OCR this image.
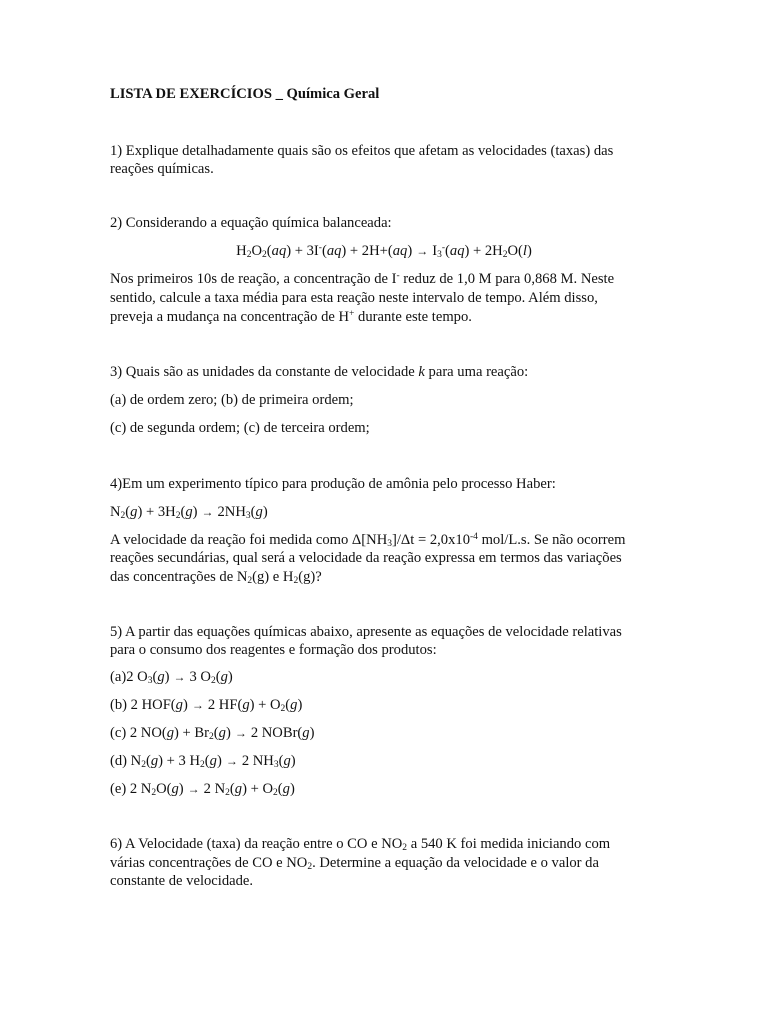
LISTA DE EXERCÍCIOS _ Química Geral
1) Explique detalhadamente quais são os efeitos que afetam as velocidades (taxas) das
reações químicas.
2) Considerando a equação química balanceada:
$H_2O_2(aq) + 3I^-(aq) + 2H+(aq) \to I_3^-(aq) + 2H_2O(l)$
Nos primeiros 10s de reação, a concentração de I- reduz de 1,0 M para 0,868 M. Neste
sentido, calcule a taxa média para esta reação neste intervalo de tempo. Além disso,
preveja a mudança na concentração de H+ durante este tempo.
3) Quais são as unidades da constante de velocidade k para uma reação:
(a) de ordem zero; (b) de primeira ordem;
(c) de segunda ordem; (c) de terceira ordem;
4)Em um experimento típico para produção de amônia pelo processo Haber:
$N_2(g) + 3H_2(g) \to 2NH_3(g)$
A velocidade da reação foi medida como $\Delta[NH_3]/\Delta t = 2,0x10^{-4}$ mol/L.s. Se não ocorrem
reações secundárias, qual será a velocidade da reação expressa em termos das variações
das concentrações de $N_2(g)$ e $H_2(g)$?
5) A partir das equações químicas abaixo, apresente as equações de velocidade relativas
para o consumo dos reagentes e formação dos produtos:
(a)2 $O_3(g) \to 3$ $O_2(g)$
(b) 2 HOF(g) → 2 $HF(g) + O_2(g)$
(c) 2 $NO(g) + Br_2(g) \to 2$ NOBr(g)
(d) $N_2(g) + 3$ $H_2(g) \to 2$ $NH_3(g)$
(e) 2 $N_2O(g) \to 2$ $N_2(g) + O_2(g)$
6) A Velocidade (taxa) da reação entre o CO e $NO_2$ a 540 K foi medida iniciando com
várias concentrações de CO e $NO_2$. Determine a equação da velocidade e o valor da
constante de velocidade.
